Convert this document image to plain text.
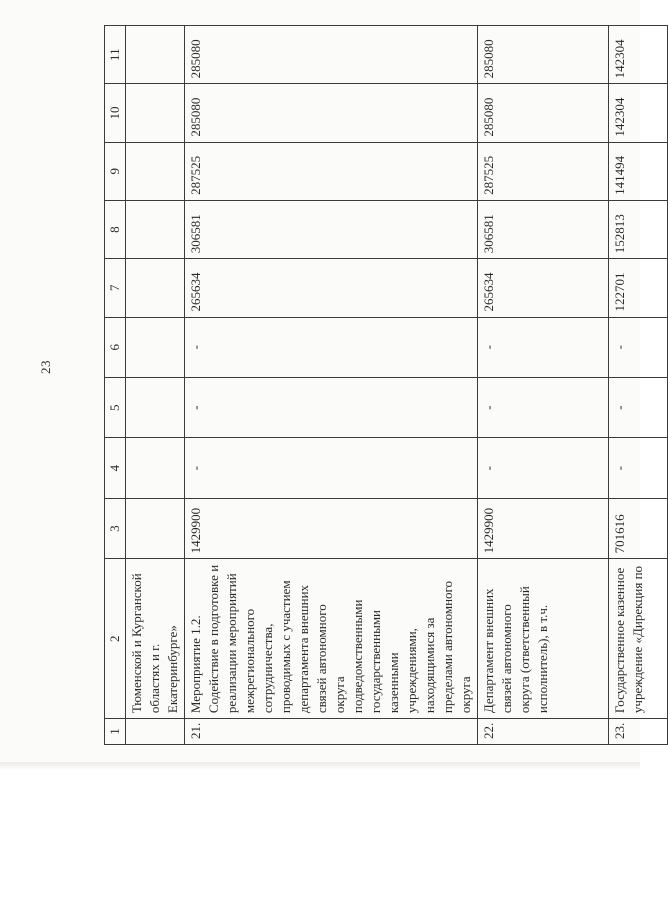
23
1	2	3	4	5	6	7	8	9	10	11
	Тюменской и Курганской областях и г. Екатеринбурге»									
21.	Мероприятие 1.2. Содействие в подготовке и реализации мероприятий межрегионального сотрудничества, проводимых с участием департамента внешних связей автономного округа подведомственными государственными казенными учреждениями, находящимися за пределами автономного округа	1429900	-	-	-	265634	306581	287525	285080	285080
22.	Департамент внешних связей автономного округа (ответственный исполнитель), в т.ч.	1429900	-	-	-	265634	306581	287525	285080	285080
23.	Государственное казенное учреждение «Дирекция по	701616	-	-	-	122701	152813	141494	142304	142304
